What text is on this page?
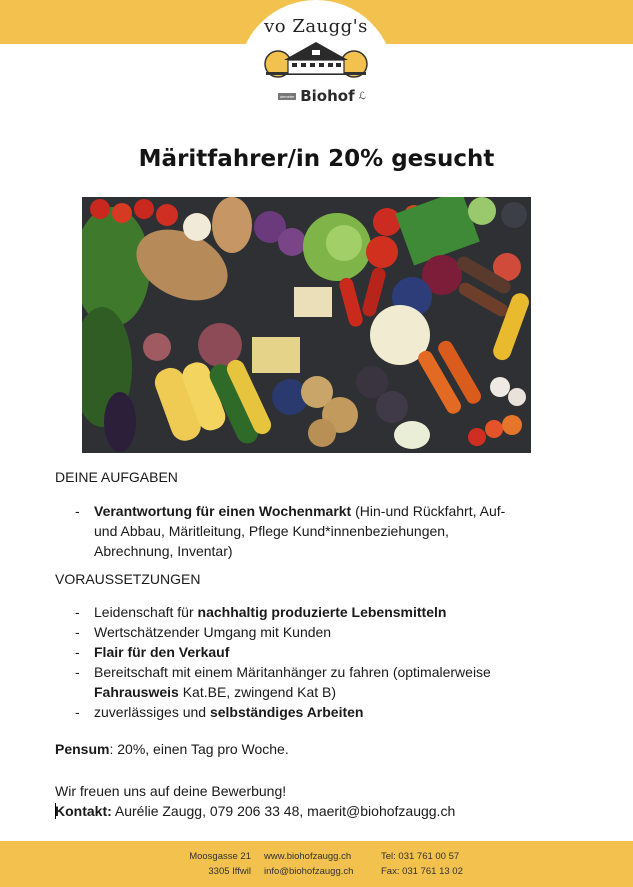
vo Zaugg's
demeter Biohof ℒ
Märitfahrer/in 20% gesucht
DEINE AUFGABEN
- Verantwortung für einen Wochenmarkt (Hin-und Rückfahrt, Auf-
und Abbau, Märitleitung, Pflege Kund*innenbeziehungen,
Abrechnung, Inventar)
VORAUSSETZUNGEN
- Leidenschaft für nachhaltig produzierte Lebensmitteln
- Wertschätzender Umgang mit Kunden
- Flair für den Verkauf
- Bereitschaft mit einem Märitanhänger zu fahren (optimalerweise
Fahrausweis Kat.BE, zwingend Kat B)
- zuverlässiges und selbständiges Arbeiten
Pensum: 20%, einen Tag pro Woche.
Wir freuen uns auf deine Bewerbung!
Kontakt: Aurélie Zaugg, 079 206 33 48, maerit@biohofzaugg.ch
Moosgasse 21
3305 Iffwil
www.biohofzaugg.ch
info@biohofzaugg.ch
Tel: 031 761 00 57
Fax: 031 761 13 02
